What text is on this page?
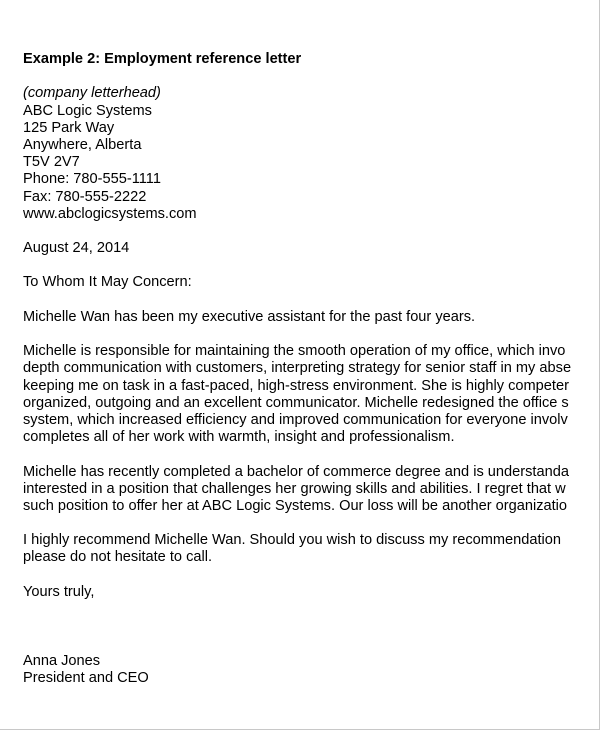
Example 2: Employment reference letter
(company letterhead)
ABC Logic Systems
125 Park Way
Anywhere, Alberta
T5V 2V7
Phone: 780-555-1111
Fax: 780-555-2222
www.abclogicsystems.com
August 24, 2014
To Whom It May Concern:
Michelle Wan has been my executive assistant for the past four years.
Michelle is responsible for maintaining the smooth operation of my office, which invo
depth communication with customers, interpreting strategy for senior staff in my abse
keeping me on task in a fast-paced, high-stress environment. She is highly competer
organized, outgoing and an excellent communicator. Michelle redesigned the office s
system, which increased efficiency and improved communication for everyone involv
completes all of her work with warmth, insight and professionalism.
Michelle has recently completed a bachelor of commerce degree and is understanda
interested in a position that challenges her growing skills and abilities. I regret that w
such position to offer her at ABC Logic Systems. Our loss will be another organizatio
I highly recommend Michelle Wan. Should you wish to discuss my recommendation
please do not hesitate to call.
Yours truly,
Anna Jones
President and CEO
